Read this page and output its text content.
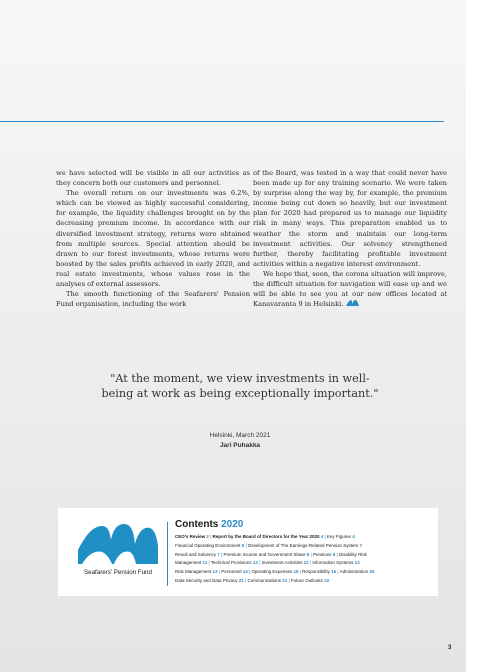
we have selected will be visible in all our activities as they concern both our customers and personnel.

The overall return on our investments was 6.2%, which can be viewed as highly successful considering, for example, the liquidity challenges brought on by the decreasing premium income. In accordance with our diversified investment strategy, returns were obtained from multiple sources. Special attention should be drawn to our forest investments, whose returns were boosted by the sales profits achieved in early 2020, and real estate investments, whose values rose in the analyses of external assessors.

The smooth functioning of the Seafarers' Pension Fund organisation, including the work

of the Board, was tested in a way that could never have been made up for any training scenario. We were taken by surprise along the way by, for example, the premium income being cut down so heavily, but our investment plan for 2020 had prepared us to manage our liquidity risk in many ways. This preparation enabled us to weather the storm and maintain our long-term investment activities. Our solvency strengthened further, thereby facilitating profitable investment activities within a negative interest environment.

We hope that, soon, the corona situation will improve, the difficult situation for navigation will ease up and we will be able to see you at our new offices located at Kanavaranta 9 in Helsinki.

"At the moment, we view investments in well-being at work as being exceptionally important."
Helsinki, March 2021
Jari Puhakka
Seafarers' Pension Fund
Contents 2020
CEO's Review 2 | Report by the Board of Directors for the Year 2020 4 | Key Figures 4
Financial Operating Environment 5 | Development of The Earnings-Related Pension System 7
Result and Solvency 7 | Premium Income and Government Share 8 | Pensions 9 | Disability Risk
Management 11 | Technical Provisions 12 | Investment Activities 12 | Information Systems 13
Risk Management 13 | Personnel 14 | Operating Expenses 15 | Responsibility 15 | Administration 20
Data Security and Data Privacy 21 | Communications 21 | Future Outlooks 22
3
